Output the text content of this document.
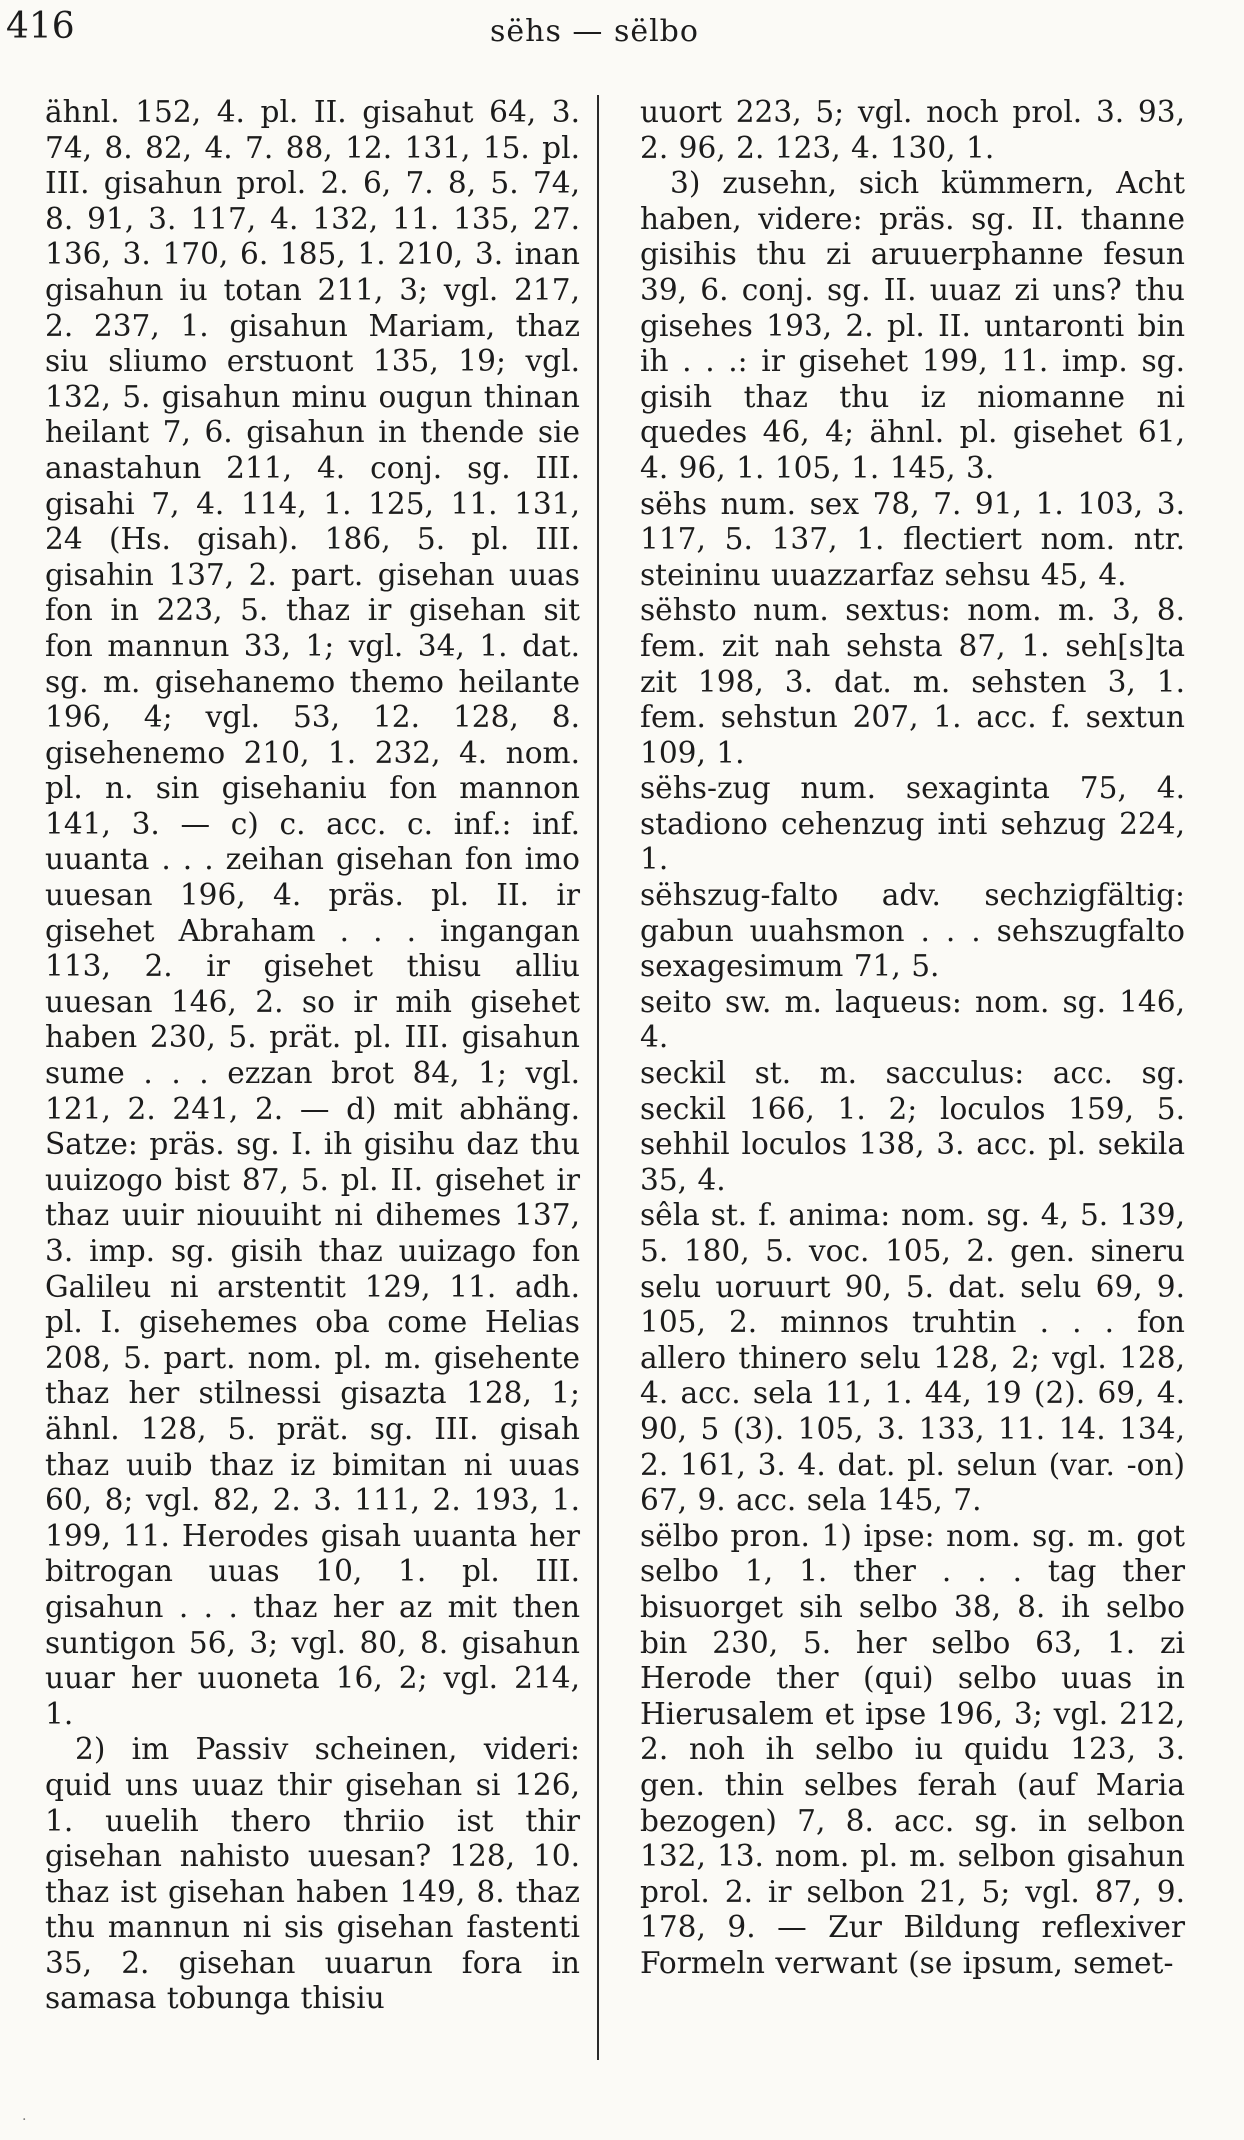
416	sëhs — sëlbo

ähnl. 152, 4. pl. II. gisahut 64, 3. 74, 8. 82, 4. 7. 88, 12. 131, 15. pl. III. gisahun prol. 2. 6, 7. 8, 5. 74, 8. 91, 3. 117, 4. 132, 11. 135, 27. 136, 3. 170, 6. 185, 1. 210, 3. inan gisahun iu totan 211, 3; vgl. 217, 2. 237, 1. gisahun Mariam, thaz siu sliumo erstuont 135, 19; vgl. 132, 5. gisahun minu ougun thinan heilant 7, 6. gisahun in thende sie anastahun 211, 4. conj. sg. III. gisahi 7, 4. 114, 1. 125, 11. 131, 24 (Hs. gisah). 186, 5. pl. III. gisahin 137, 2. part. gisehan uuas fon in 223, 5. thaz ir gisehan sit fon mannun 33, 1; vgl. 34, 1. dat. sg. m. gisehanemo themo heilante 196, 4; vgl. 53, 12. 128, 8. gisehenemo 210, 1. 232, 4. nom. pl. n. sin gisehaniu fon mannon 141, 3. — c) c. acc. c. inf.: inf. uuanta . . . zeihan gisehan fon imo uuesan 196, 4. präs. pl. II. ir gisehet Abraham . . . ingangan 113, 2. ir gisehet thisu alliu uuesan 146, 2. so ir mih gisehet haben 230, 5. prät. pl. III. gisahun sume . . . ezzan brot 84, 1; vgl. 121, 2. 241, 2. — d) mit abhäng. Satze: präs. sg. I. ih gisihu daz thu uuizogo bist 87, 5. pl. II. gisehet ir thaz uuir niouuiht ni dihemes 137, 3. imp. sg. gisih thaz uuizago fon Galileu ni arstentit 129, 11. adh. pl. I. gisehemes oba come Helias 208, 5. part. nom. pl. m. gisehente thaz her stilnessi gisazta 128, 1; ähnl. 128, 5. prät. sg. III. gisah thaz uuib thaz iz bimitan ni uuas 60, 8; vgl. 82, 2. 3. 111, 2. 193, 1. 199, 11. Herodes gisah uuanta her bitrogan uuas 10, 1. pl. III. gisahun . . . thaz her az mit then suntigon 56, 3; vgl. 80, 8. gisahun uuar her uuoneta 16, 2; vgl. 214, 1.

2) im Passiv scheinen, videri: quid uns uuaz thir gisehan si 126, 1. uuelih thero thriio ist thir gisehan nahisto uuesan? 128, 10. thaz ist gisehan haben 149, 8. thaz thu mannun ni sis gisehan fastenti 35, 2. gisehan uuarun fora in samasa tobunga thisiu

uuort 223, 5; vgl. noch prol. 3. 93, 2. 96, 2. 123, 4. 130, 1.

3) zusehn, sich kümmern, Acht haben, videre: präs. sg. II. thanne gisihis thu zi aruuerphanne fesun 39, 6. conj. sg. II. uuaz zi uns? thu gisehes 193, 2. pl. II. untaronti bin ih . . .: ir gisehet 199, 11. imp. sg. gisih thaz thu iz niomanne ni quedes 46, 4; ähnl. pl. gisehet 61, 4. 96, 1. 105, 1. 145, 3.

sëhs num. sex 78, 7. 91, 1. 103, 3. 117, 5. 137, 1. flectiert nom. ntr. steininu uuazzarfaz sehsu 45, 4.

sëhsto num. sextus: nom. m. 3, 8. fem. zit nah sehsta 87, 1. seh[s]ta zit 198, 3. dat. m. sehsten 3, 1. fem. sehstun 207, 1. acc. f. sextun 109, 1.

sëhs-zug num. sexaginta 75, 4. stadiono cehenzug inti sehzug 224, 1.

sëhszug-falto adv. sechzigfältig: gabun uuahsmon . . . sehszugfalto sexagesimum 71, 5.

seito sw. m. laqueus: nom. sg. 146, 4.

seckil st. m. sacculus: acc. sg. seckil 166, 1. 2; loculos 159, 5. sehhil loculos 138, 3. acc. pl. sekila 35, 4.

sêla st. f. anima: nom. sg. 4, 5. 139, 5. 180, 5. voc. 105, 2. gen. sineru selu uoruurt 90, 5. dat. selu 69, 9. 105, 2. minnos truhtin . . . fon allero thinero selu 128, 2; vgl. 128, 4. acc. sela 11, 1. 44, 19 (2). 69, 4. 90, 5 (3). 105, 3. 133, 11. 14. 134, 2. 161, 3. 4. dat. pl. selun (var. -on) 67, 9. acc. sela 145, 7.

sëlbo pron. 1) ipse: nom. sg. m. got selbo 1, 1. ther . . . tag ther bisuorget sih selbo 38, 8. ih selbo bin 230, 5. her selbo 63, 1. zi Herode ther (qui) selbo uuas in Hierusalem et ipse 196, 3; vgl. 212, 2. noh ih selbo iu quidu 123, 3. gen. thin selbes ferah (auf Maria bezogen) 7, 8. acc. sg. in selbon 132, 13. nom. pl. m. selbon gisahun prol. 2. ir selbon 21, 5; vgl. 87, 9. 178, 9. — Zur Bildung reflexiver Formeln verwant (se ipsum, semet-

.
